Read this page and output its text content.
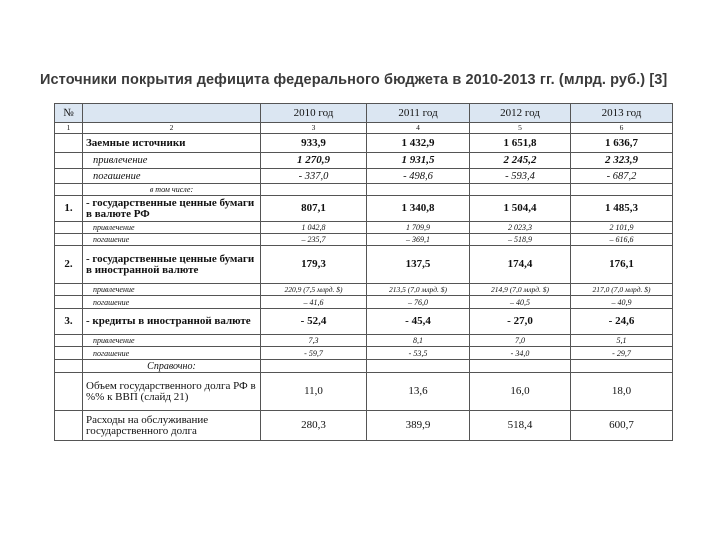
Источники покрытия дефицита федерального бюджета в 2010-2013 гг. (млрд. руб.) [3]
№		2010 год	2011 год	2012 год	2013 год
1	2	3	4	5	6
	Заемные источники	933,9	1 432,9	1 651,8	1 636,7
	привлечение	1 270,9	1 931,5	2 245,2	2 323,9
	погашение	- 337,0	- 498,6	- 593,4	- 687,2
	в том числе:				
1.	- государственные ценные бумаги в валюте РФ	807,1	1 340,8	1 504,4	1 485,3
	привлечение	1 042,8	1 709,9	2 023,3	2 101,9
	погашение	– 235,7	– 369,1	– 518,9	– 616,6
2.	- государственные ценные бумаги в иностранной валюте	179,3	137,5	174,4	176,1
	привлечение	220,9 (7,5 млрд. $)	213,5 (7,0 млрд. $)	214,9 (7,0 млрд. $)	217,0 (7,0 млрд. $)
	погашение	– 41,6	– 76,0	– 40,5	– 40,9
3.	- кредиты в иностранной валюте	- 52,4	- 45,4	- 27,0	- 24,6
	привлечение	7,3	8,1	7,0	5,1
	погашение	- 59,7	- 53,5	- 34,0	- 29,7
	Справочно:				
	Объем государственного долга РФ в %% к ВВП (слайд 21)	11,0	13,6	16,0	18,0
	Расходы на обслуживание государственного долга	280,3	389,9	518,4	600,7
